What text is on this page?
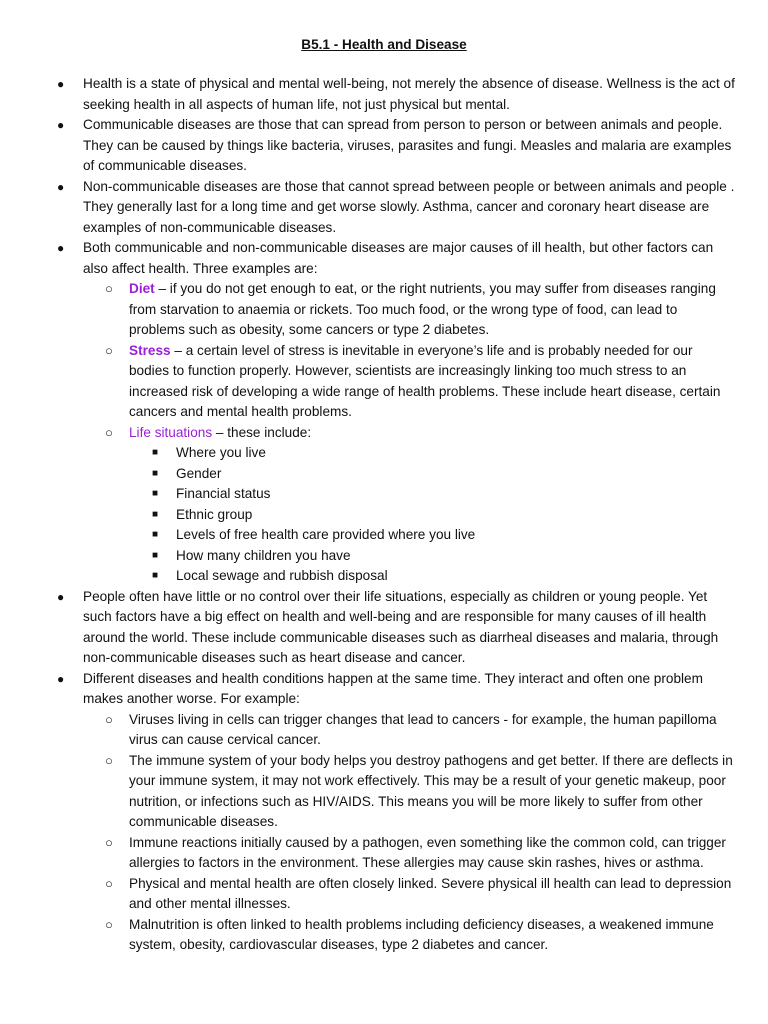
B5.1 - Health and Disease
● Health is a state of physical and mental well-being, not merely the absence of disease. Wellness is the act of seeking health in all aspects of human life, not just physical but mental.
● Communicable diseases are those that can spread from person to person or between animals and people. They can be caused by things like bacteria, viruses, parasites and fungi. Measles and malaria are examples of communicable diseases.
● Non-communicable diseases are those that cannot spread between people or between animals and people . They generally last for a long time and get worse slowly. Asthma, cancer and coronary heart disease are examples of non-communicable diseases.
● Both communicable and non-communicable diseases are major causes of ill health, but other factors can also affect health. Three examples are:
○ Diet – if you do not get enough to eat, or the right nutrients, you may suffer from diseases ranging from starvation to anaemia or rickets. Too much food, or the wrong type of food, can lead to problems such as obesity, some cancers or type 2 diabetes.
○ Stress – a certain level of stress is inevitable in everyone’s life and is probably needed for our bodies to function properly. However, scientists are increasingly linking too much stress to an increased risk of developing a wide range of health problems. These include heart disease, certain cancers and mental health problems.
○ Life situations – these include:
■ Where you live
■ Gender
■ Financial status
■ Ethnic group
■ Levels of free health care provided where you live
■ How many children you have
■ Local sewage and rubbish disposal
● People often have little or no control over their life situations, especially as children or young people. Yet such factors have a big effect on health and well-being and are responsible for many causes of ill health around the world. These include communicable diseases such as diarrheal diseases and malaria, through non-communicable diseases such as heart disease and cancer.
● Different diseases and health conditions happen at the same time. They interact and often one problem makes another worse. For example:
○ Viruses living in cells can trigger changes that lead to cancers - for example, the human papilloma virus can cause cervical cancer.
○ The immune system of your body helps you destroy pathogens and get better. If there are deflects in your immune system, it may not work effectively. This may be a result of your genetic makeup, poor nutrition, or infections such as HIV/AIDS. This means you will be more likely to suffer from other communicable diseases.
○ Immune reactions initially caused by a pathogen, even something like the common cold, can trigger allergies to factors in the environment. These allergies may cause skin rashes, hives or asthma.
○ Physical and mental health are often closely linked. Severe physical ill health can lead to depression and other mental illnesses.
○ Malnutrition is often linked to health problems including deficiency diseases, a weakened immune system, obesity, cardiovascular diseases, type 2 diabetes and cancer.
